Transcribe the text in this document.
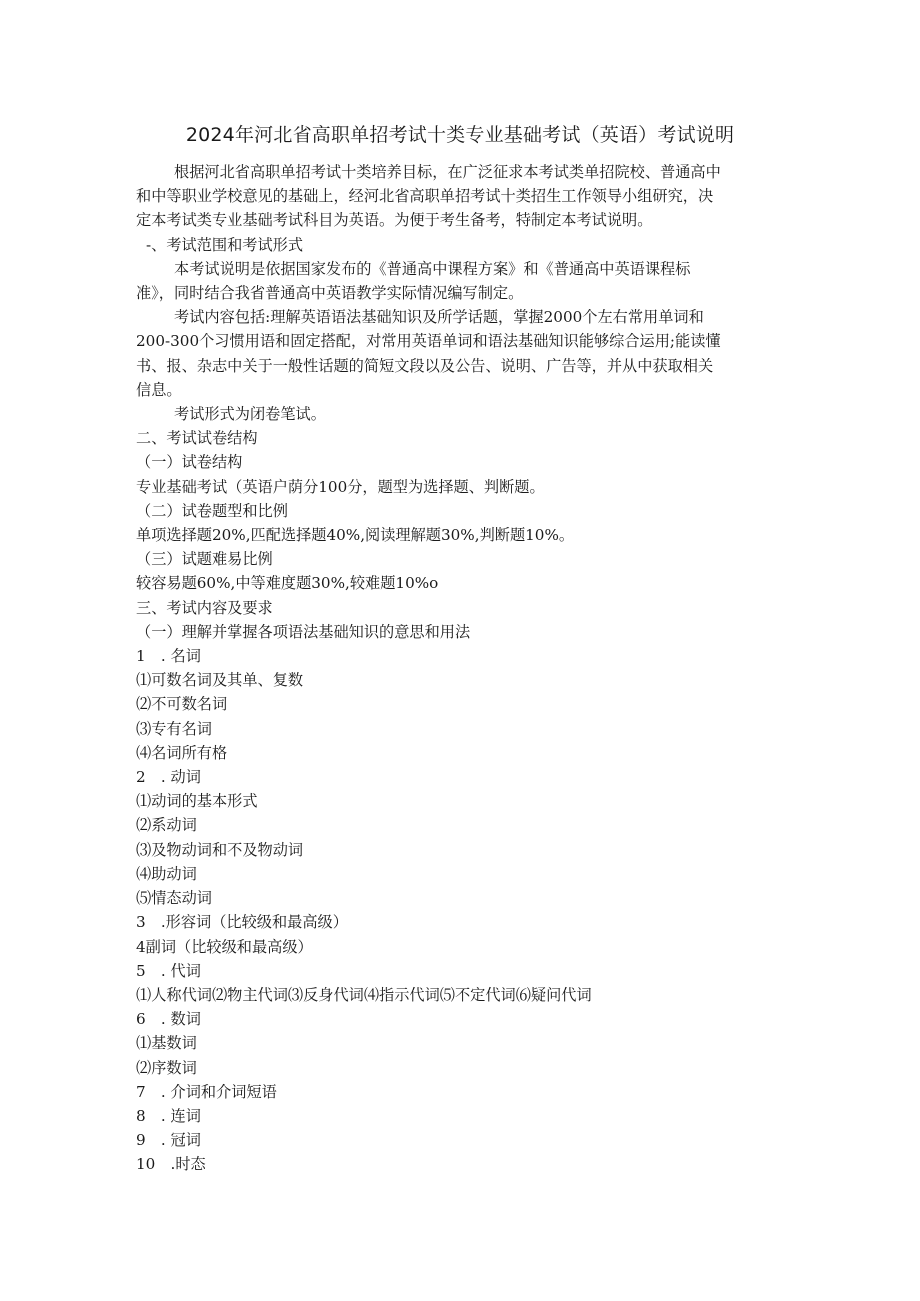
2024年河北省高职单招考试十类专业基础考试（英语）考试说明
根据河北省高职单招考试十类培养目标，在广泛征求本考试类单招院校、普通高中
和中等职业学校意见的基础上，经河北省高职单招考试十类招生工作领导小组研究，决
定本考试类专业基础考试科目为英语。为便于考生备考，特制定本考试说明。
-、考试范围和考试形式
本考试说明是依据国家发布的《普通高中课程方案》和《普通高中英语课程标
准》，同时结合我省普通高中英语教学实际情况编写制定。
考试内容包括:理解英语语法基础知识及所学话题，掌握2000个左右常用单词和
200-300个习惯用语和固定搭配，对常用英语单词和语法基础知识能够综合运用;能读懂
书、报、杂志中关于一般性话题的简短文段以及公告、说明、广告等，并从中获取相关
信息。
考试形式为闭卷笔试。
二、考试试卷结构
（一）试卷结构
专业基础考试（英语户荫分100分，题型为选择题、判断题。
（二）试卷题型和比例
单项选择题20%,匹配选择题40%,阅读理解题30%,判断题10%。
（三）试题难易比例
较容易题60%,中等难度题30%,较难题10%o
三、考试内容及要求
（一）理解并掌握各项语法基础知识的意思和用法
1　. 名词
⑴可数名词及其单、复数
⑵不可数名词
⑶专有名词
⑷名词所有格
2　. 动词
⑴动词的基本形式
⑵系动词
⑶及物动词和不及物动词
⑷助动词
⑸情态动词
3　.形容词（比较级和最高级）
4副词（比较级和最高级）
5　. 代词
⑴人称代词⑵物主代词⑶反身代词⑷指示代词⑸不定代词⑹疑问代词
6　. 数词
⑴基数词
⑵序数词
7　. 介词和介词短语
8　. 连词
9　. 冠词
10　.时态
